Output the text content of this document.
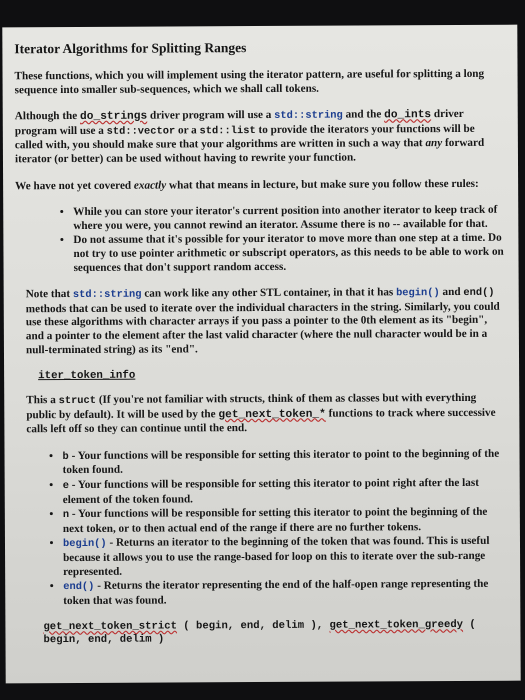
Iterator Algorithms for Splitting Ranges

These functions, which you will implement using the iterator pattern, are useful for splitting a long sequence into smaller sub-sequences, which we shall call tokens.

Although the do_strings driver program will use a std::string and the do_ints driver program will use a std::vector or a std::list to provide the iterators your functions will be called with, you should make sure that your algorithms are written in such a way that any forward iterator (or better) can be used without having to rewrite your function.

We have not yet covered exactly what that means in lecture, but make sure you follow these rules:

• While you can store your iterator's current position into another iterator to keep track of where you were, you cannot rewind an iterator. Assume there is no -- available for that.
• Do not assume that it's possible for your iterator to move more than one step at a time. Do not try to use pointer arithmetic or subscript operators, as this needs to be able to work on sequences that don't support random access.

Note that std::string can work like any other STL container, in that it has begin() and end() methods that can be used to iterate over the individual characters in the string. Similarly, you could use these algorithms with character arrays if you pass a pointer to the 0th element as its "begin", and a pointer to the element after the last valid character (where the null character would be in a null-terminated string) as its "end".

iter_token_info

This a struct (If you're not familiar with structs, think of them as classes but with everything public by default). It will be used by the get_next_token_* functions to track where successive calls left off so they can continue until the end.

• b - Your functions will be responsible for setting this iterator to point to the beginning of the token found.
• e - Your functions will be responsible for setting this iterator to point right after the last element of the token found.
• n - Your functions will be responsible for setting this iterator to point the beginning of the next token, or to then actual end of the range if there are no further tokens.
• begin() - Returns an iterator to the beginning of the token that was found. This is useful because it allows you to use the range-based for loop on this to iterate over the sub-range represented.
• end() - Returns the iterator representing the end of the half-open range representing the token that was found.
get_next_token_strict ( begin, end, delim ), get_next_token_greedy ( begin, end, delim )
